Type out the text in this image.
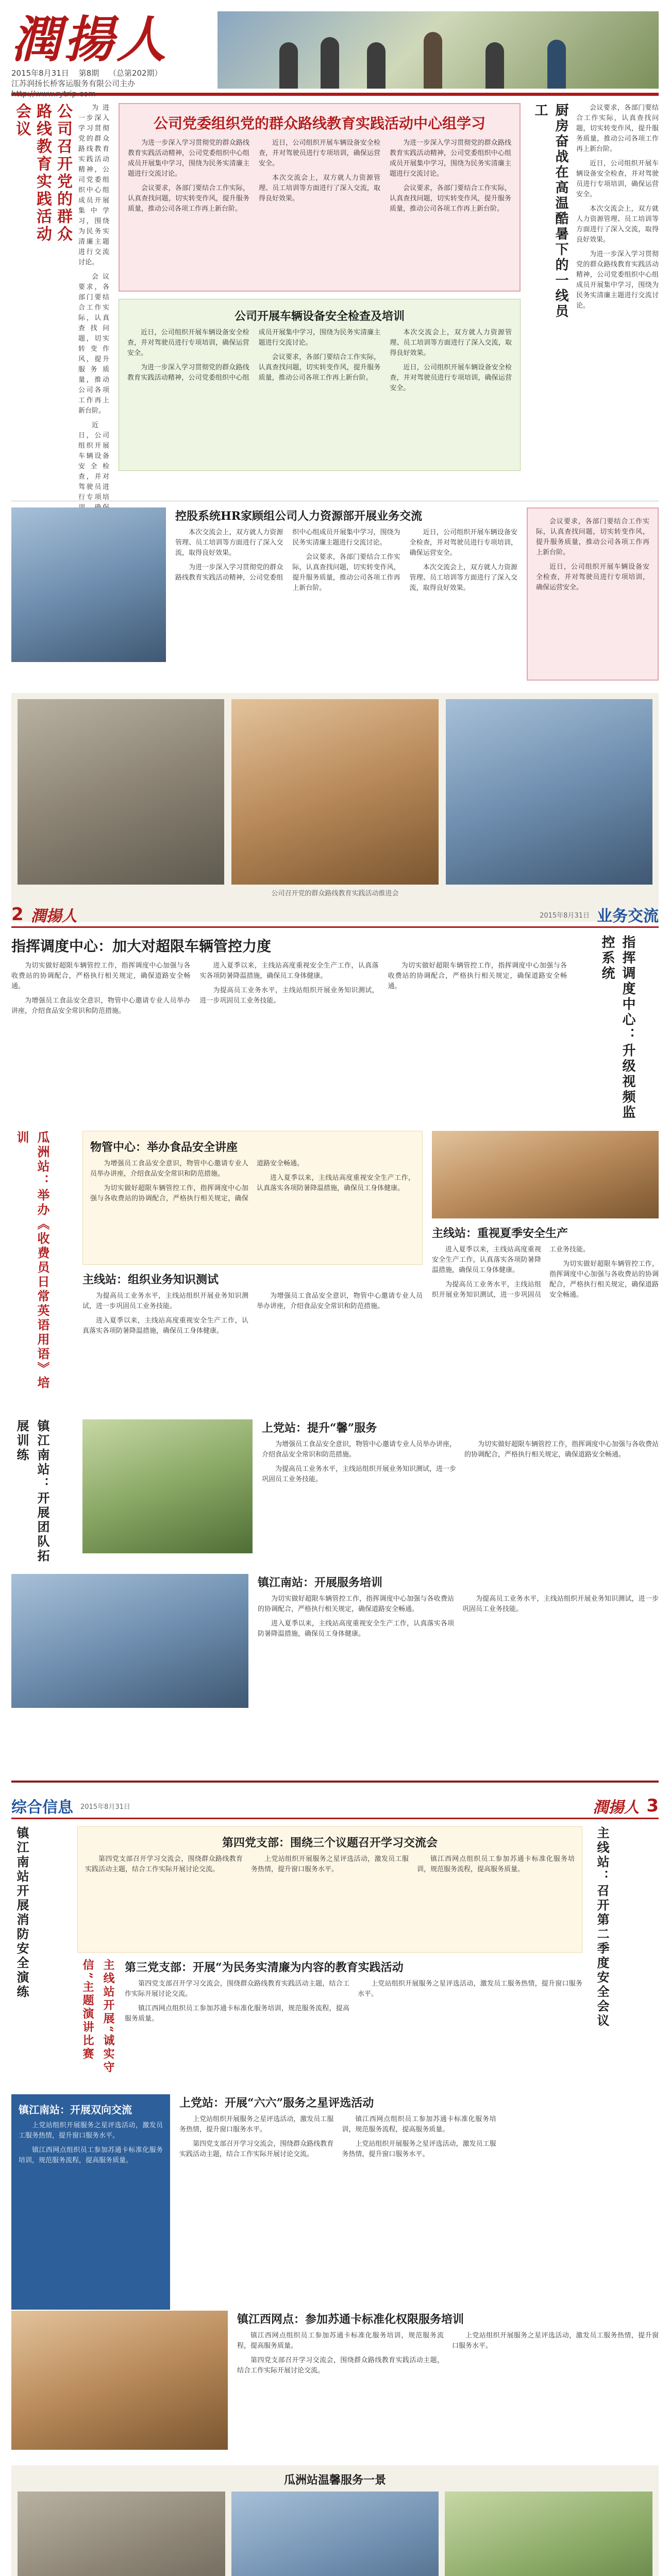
潤揚人
2015年8月31日 第8期 （总第202期）
江苏润扬长桥客运服务有限公司主办 http://www.rytrip.com
公司召开党的群众路线教育实践活动会议	为进一步深入学习贯彻党的群众路线教育实践活动精神，公司党委组织中心组成员开展集中学习，围绕为民务实清廉主题进行交流讨论。

会议要求，各部门要结合工作实际，认真查找问题，切实转变作风，提升服务质量，推动公司各项工作再上新台阶。

近日，公司组织开展车辆设备安全检查，并对驾驶员进行专项培

公司党委组织党的群众路线教育实践活动中心组学习

为进一步深入学习贯彻党的群众路线教育实践活动精神，公司党委组织中心组成员开展集中学习，围绕为民务实清廉主题进行交流讨论。

会议要求，各部门要结合工作实际，认真查找问题，切实转变作风，提升服务质量，推动公司各项工作再上新台阶。

近日，公司组织开展车辆设备安全检查，并对驾驶员进行专项培训，确保运营安全。

本次交流会上，双方就人力资源管理、员工培训等方面进行了深入交流，取得良好效果。

为进一步深入学习贯彻党的群众路线教育实践活动精神，公司党委组织中心组成员开展集中学习，围绕为民务实清廉主题进行交流讨论。

会议要求，各部门要结合工作实际，认真查找问题，切实转变作风，提升服务质量，推动公司各项工作再上新台阶。

公司开展车辆设备安全检查及培训

近日，公司组织开展车辆设备安全检查，并对驾驶员进行专项培训，确保运营安全。

为进一步深入学习贯彻党的群众路线教育实践活动精神，公司党委组织中心组成员开展集中学习，围绕为民务实清廉主题进行交流讨论。

会议要求，各部门要结合工作实际，认真查找问题，切实转变作风，提升服务质量，推动公司各项工作再上新台阶。

本次交流会上，双方就人力资源管理、员工培训等方面进行了深入交流，取得良好效果。

近日，公司组织开展车辆设备安全检查，并对驾驶员进行专项培训，确保运营安全。

厨房奋战在高温酷暑下的一线员工	会议要求，各部门要结合工作实际，认真查找问题，切实转变作风，提升服务质量，推动公司各项工作再上新台阶。

近日，公司组织开展车辆设备安全检查，并对驾驶员进行专项培训，确保运营安全。

本次交流会上，双方就人力资源管理、员工培训等方面进行了深入交流，取得良好效果。

为进一步深入学习贯彻党的群众路线教育实践活动精神，公司党委组织中心组成员开展集中学习，围绕为民务实清廉主题进行交流讨论。

控股系统HR家顾组公司人力资源部开展业务交流

本次交流会上，双方就人力资源管理、员工培训等方面进行了深入交流，取得良好效果。

为进一步深入学习贯彻党的群众路线教育实践活动精神，公司党委组织中心组成员开展集中学习，围绕为民务实清廉主题进行交流讨论。

会议要求，各部门要结合工作实际，认真查找问题，切实转变作风，提升服务质量，推动公司各项工作再上新台阶。

近日，公司组织开展车辆设备安全检查，并对驾驶员进行专项培训，确保运营安全。

本次交流会上，双方就人力资源管理、员工培训等方面进行了深入交流，取得良好效果。

会议要求，各部门要结合工作实际，认真查找问题，切实转变作风，提升服务质量，推动公司各项工作再上新台阶。

近日，公司组织开展车辆设备安全检查，并对驾驶员进行专项培训，确保运营安全。

公司召开党的群众路线教育实践活动推进会
2 潤揚人	2015年8月31日 业务交流
指挥调度中心：加大对超限车辆管控力度

为切实做好超限车辆管控工作，指挥调度中心加强与各收费站的协调配合，严格执行相关规定，确保道路安全畅通。

为增强员工食品安全意识，物管中心邀请专业人员举办讲座，介绍食品安全常识和防范措施。

进入夏季以来，主线站高度重视安全生产工作，认真落实各项防暑降温措施，确保员工身体健康。

为提高员工业务水平，主线站组织开展业务知识测试，进一步巩固员工业务技能。

为切实做好超限车辆管控工作，指挥调度中心加强与各收费站的协调配合，严格执行相关规定，确保道路安全畅通。	指挥调度中心：升级视频监控系统
瓜洲站：举办《收费员日常英语用语》培训
物管中心：举办食品安全讲座

为增强员工食品安全意识，物管中心邀请专业人员举办讲座，介绍食品安全常识和防范措施。

为切实做好超限车辆管控工作，指挥调度中心加强与各收费站的协调配合，严格执行相关规定，确保道路安全畅通。

进入夏季以来，主线站高度重视安全生产工作，认真落实各项防暑降温措施，确保员工身体健康。

主线站：组织业务知识测试

为提高员工业务水平，主线站组织开展业务知识测试，进一步巩固员工业务技能。

进入夏季以来，主线站高度重视安全生产工作，认真落实各项防暑降温措施，确保员工身体健康。

为增强员工食品安全意识，物管中心邀请专业人员举办讲座，介绍食品安全常识和防范措施。

主线站：重视夏季安全生产

进入夏季以来，主线站高度重视安全生产工作，认真落实各项防暑降温措施，确保员工身体健康。

为提高员工业务水平，主线站组织开展业务知识测试，进一步巩固员工业务技能。

为切实做好超限车辆管控工作，指挥调度中心加强与各收费站的协调配合，严格执行相关规定，确保道路安全畅通。

镇江南站：开展团队拓展训练	上党站：提升“馨”服务

为增强员工食品安全意识，物管中心邀请专业人员举办讲座，介绍食品安全常识和防范措施。

为提高员工业务水平，主线站组织开展业务知识测试，进一步巩固员工业务技能。

为切实做好超限车辆管控工作，指挥调度中心加强与各收费站的协调配合，严格执行相关规定，确保道路安全畅通。

镇江南站：开展服务培训

为切实做好超限车辆管控工作，指挥调度中心加强与各收费站的协调配合，严格执行相关规定，确保道路安全畅通。

进入夏季以来，主线站高度重视安全生产工作，认真落实各项防暑降温措施，确保员工身体健康。

为提高员工业务水平，主线站组织开展业务知识测试，进一步巩固员工业务技能。

综合信息 2015年8月31日	潤揚人 3
镇江南站开展消防安全演练	第四党支部：围绕三个议题召开学习交流会

第四党支部召开学习交流会，围绕群众路线教育实践活动主题，结合工作实际开展讨论交流。

上党站组织开展服务之星评选活动，激发员工服务热情，提升窗口服务水平。

镇江西网点组织员工参加苏通卡标准化服务培训，规范服务流程，提高服务质量。

主线站开展“诚实守信”主题演讲比赛	第三党支部：开展“为民务实清廉为内容的教育实践活动

第四党支部召开学习交流会，围绕群众路线教育实践活动主题，结合工作实际开展讨论交流。

镇江西网点组织员工参加苏通卡标准化服务培训，规范服务流程，提高服务质量。

上党站组织开展服务之星评选活动，激发员工服务热情，提升窗口服务水平。	主线站：召开第二季度安全会议
镇江南站：开展双向交流

上党站组织开展服务之星评选活动，激发员工服务热情，提升窗口服务水平。

镇江西网点组织员工参加苏通卡标准化服务培训，规范服务流程，提高服务质量。

上党站：开展“六六”服务之星评选活动

上党站组织开展服务之星评选活动，激发员工服务热情，提升窗口服务水平。

第四党支部召开学习交流会，围绕群众路线教育实践活动主题，结合工作实际开展讨论交流。

镇江西网点组织员工参加苏通卡标准化服务培训，规范服务流程，提高服务质量。

上党站组织开展服务之星评选活动，激发员工服务热情，提升窗口服务水平。

镇江西网点：参加苏通卡标准化权限服务培训

镇江西网点组织员工参加苏通卡标准化服务培训，规范服务流程，提高服务质量。

第四党支部召开学习交流会，围绕群众路线教育实践活动主题，结合工作实际开展讨论交流。

上党站组织开展服务之星评选活动，激发员工服务热情，提升窗口服务水平。

瓜洲站温馨服务一景
